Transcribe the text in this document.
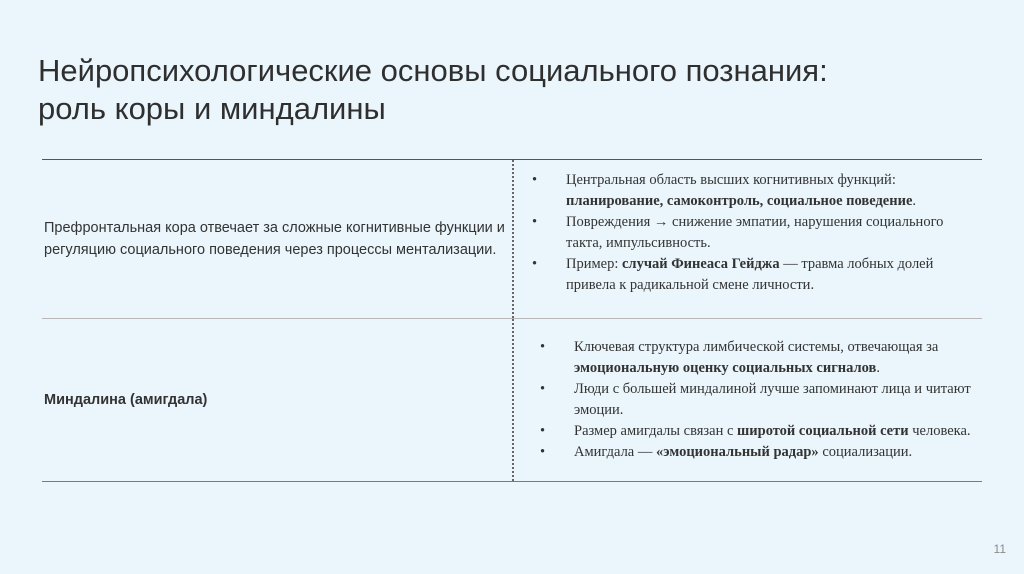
Нейропсихологические основы социального познания:
роль коры и миндалины
Префронтальная кора отвечает за сложные когнитивные функции и регуляцию социального поведения через процессы ментализации.
• Центральная область высших когнитивных функций: планирование, самоконтроль, социальное поведение.
• Повреждения → снижение эмпатии, нарушения социального такта, импульсивность.
• Пример: случай Финеаса Гейджа — травма лобных долей привела к радикальной смене личности.
Миндалина (амигдала)
• Ключевая структура лимбической системы, отвечающая за эмоциональную оценку социальных сигналов.
• Люди с большей миндалиной лучше запоминают лица и читают эмоции.
• Размер амигдалы связан с широтой социальной сети человека.
• Амигдала — «эмоциональный радар» социализации.
11
